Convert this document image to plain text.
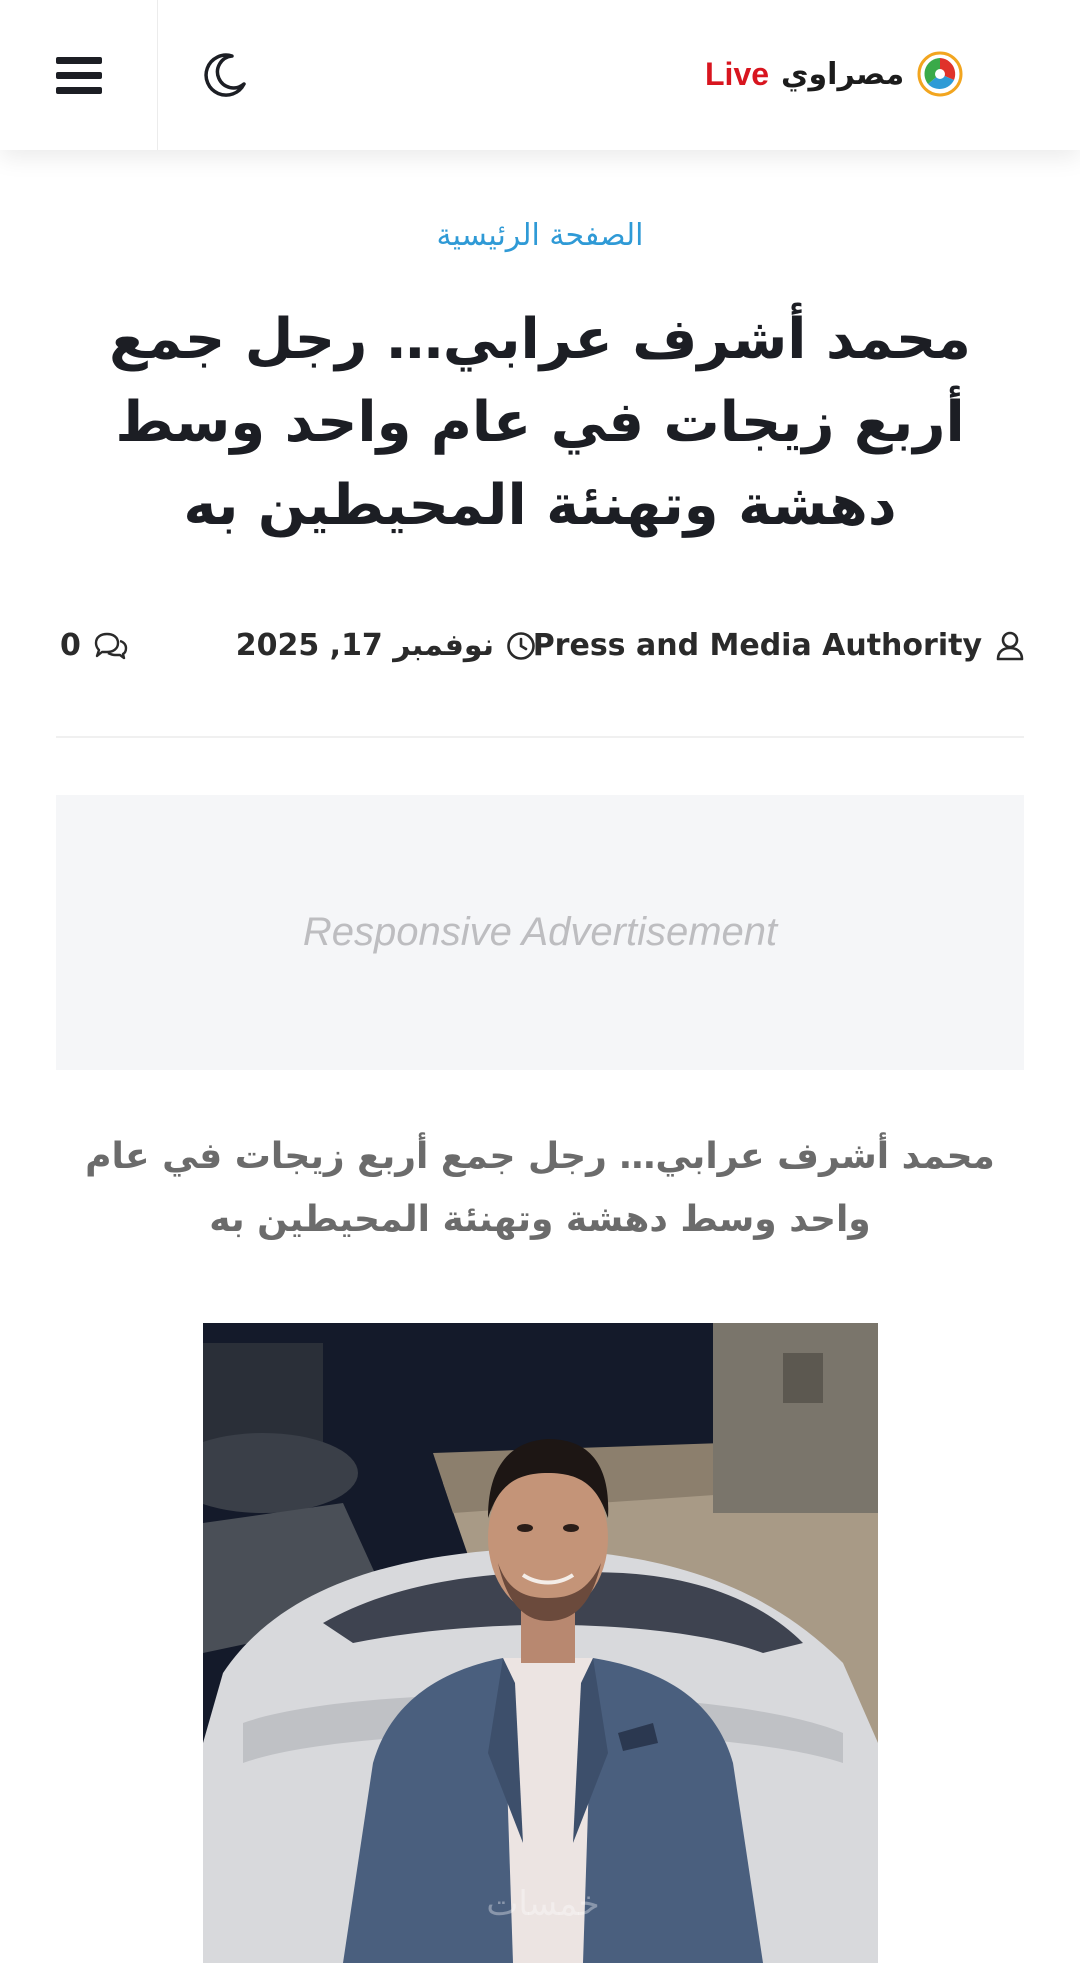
Live مصراوي
الصفحة الرئيسية
محمد أشرف عرابي… رجل جمع أربع زيجات في عام واحد وسط دهشة وتهنئة المحيطين به
Press and Media Authority
نوفمبر 17, 2025
0
Responsive Advertisement

محمد أشرف عرابي… رجل جمع أربع زيجات في عام واحد وسط دهشة وتهنئة المحيطين به

خمسات
